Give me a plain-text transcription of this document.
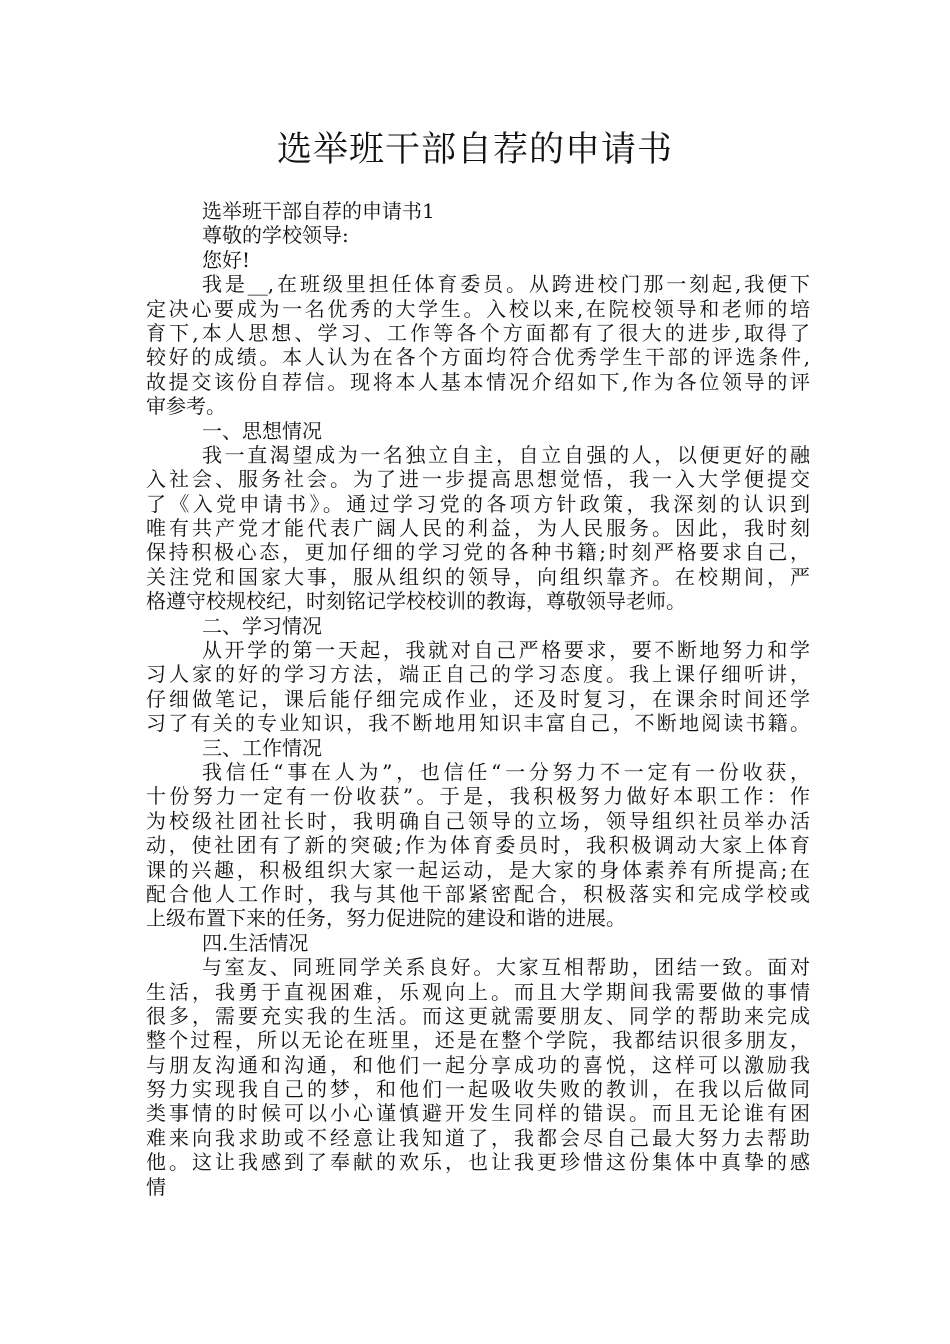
选举班干部自荐的申请书
选举班干部自荐的申请书1
尊敬的学校领导:
您好!
我是__,在班级里担任体育委员。从跨进校门那一刻起,我便下
定决心要成为一名优秀的大学生。入校以来,在院校领导和老师的培
育下,本人思想、学习、工作等各个方面都有了很大的进步,取得了
较好的成绩。本人认为在各个方面均符合优秀学生干部的评选条件,
故提交该份自荐信。现将本人基本情况介绍如下,作为各位领导的评
审参考。
一、思想情况
我一直渴望成为一名独立自主，自立自强的人，以便更好的融
入社会、服务社会。为了进一步提高思想觉悟，我一入大学便提交
了《入党申请书》。通过学习党的各项方针政策，我深刻的认识到
唯有共产党才能代表广阔人民的利益，为人民服务。因此，我时刻
保持积极心态，更加仔细的学习党的各种书籍;时刻严格要求自己，
关注党和国家大事，服从组织的领导，向组织靠齐。在校期间，严
格遵守校规校纪，时刻铭记学校校训的教诲，尊敬领导老师。
二、学习情况
从开学的第一天起，我就对自己严格要求，要不断地努力和学
习人家的好的学习方法，端正自己的学习态度。我上课仔细听讲，
仔细做笔记，课后能仔细完成作业，还及时复习，在课余时间还学
习了有关的专业知识，我不断地用知识丰富自己，不断地阅读书籍。
三、工作情况
我信任“事在人为”，也信任“一分努力不一定有一份收获，
十份努力一定有一份收获”。于是，我积极努力做好本职工作：作
为校级社团社长时，我明确自己领导的立场，领导组织社员举办活
动，使社团有了新的突破;作为体育委员时，我积极调动大家上体育
课的兴趣，积极组织大家一起运动，是大家的身体素养有所提高;在
配合他人工作时，我与其他干部紧密配合，积极落实和完成学校或
上级布置下来的任务，努力促进院的建设和谐的进展。
四.生活情况
与室友、同班同学关系良好。大家互相帮助，团结一致。面对
生活，我勇于直视困难，乐观向上。而且大学期间我需要做的事情
很多，需要充实我的生活。而这更就需要朋友、同学的帮助来完成
整个过程，所以无论在班里，还是在整个学院，我都结识很多朋友，
与朋友沟通和沟通，和他们一起分享成功的喜悦，这样可以激励我
努力实现我自己的梦，和他们一起吸收失败的教训，在我以后做同
类事情的时候可以小心谨慎避开发生同样的错误。而且无论谁有困
难来向我求助或不经意让我知道了，我都会尽自己最大努力去帮助
他。这让我感到了奉献的欢乐，也让我更珍惜这份集体中真挚的感
情
